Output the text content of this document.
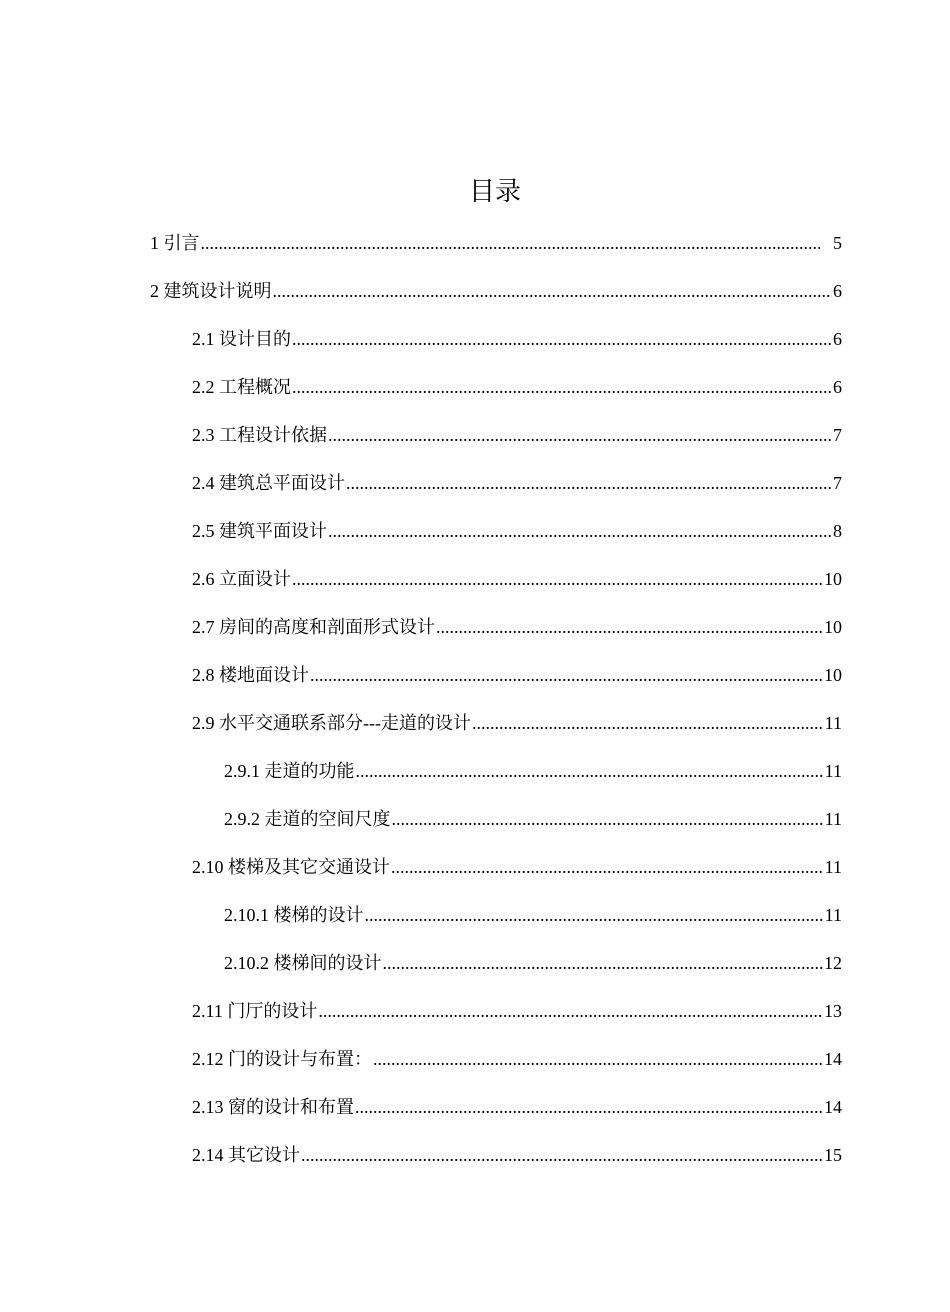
目录
1 引言 .....	5
2 建筑设计说明 .....	6
2.1 设计目的 .....	6
2.2 工程概况 .....	6
2.3 工程设计依据 .....	7
2.4 建筑总平面设计 .....	7
2.5 建筑平面设计 .....	8
2.6 立面设计 .....	10
2.7 房间的高度和剖面形式设计 .....	10
2.8 楼地面设计 .....	10
2.9 水平交通联系部分---走道的设计 .....	11
2.9.1 走道的功能 .....	11
2.9.2 走道的空间尺度 .....	11
2.10 楼梯及其它交通设计 .....	11
2.10.1 楼梯的设计 .....	11
2.10.2 楼梯间的设计 .....	12
2.11 门厅的设计 .....	13
2.12 门的设计与布置： .....	14
2.13 窗的设计和布置 .....	14
2.14 其它设计 .....	15
